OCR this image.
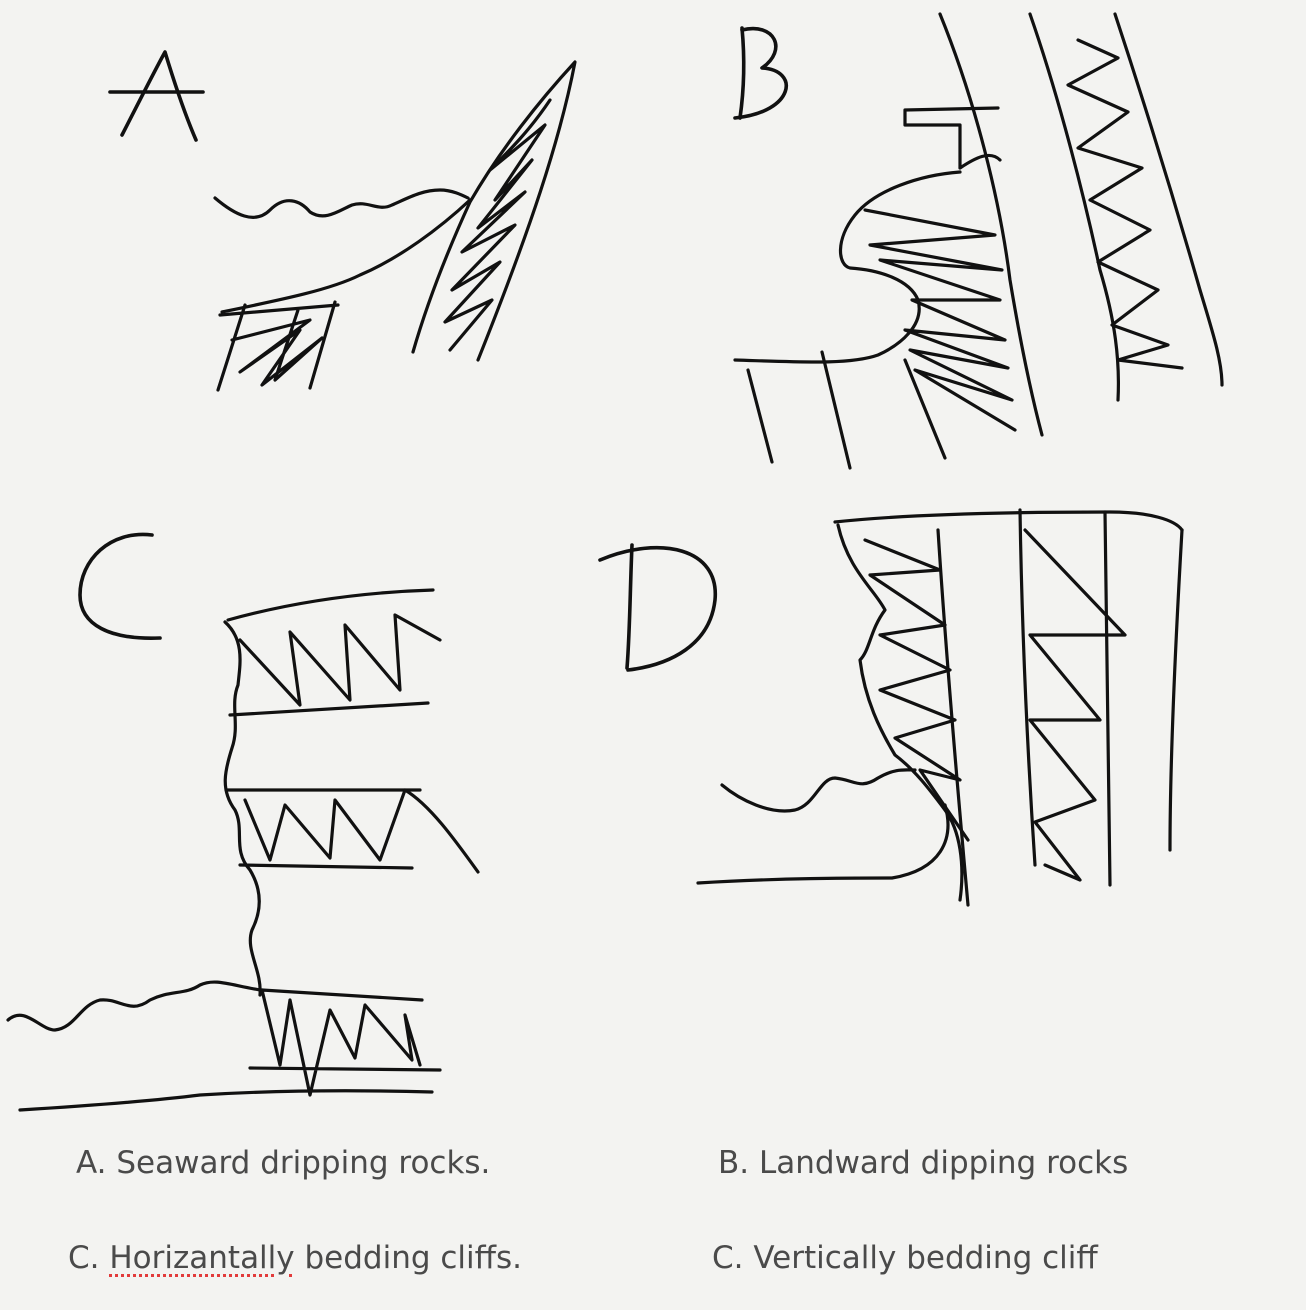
A. Seaward dripping rocks.	B. Landward dipping rocks
C. Horizantally bedding cliffs.	C. Vertically bedding cliff
